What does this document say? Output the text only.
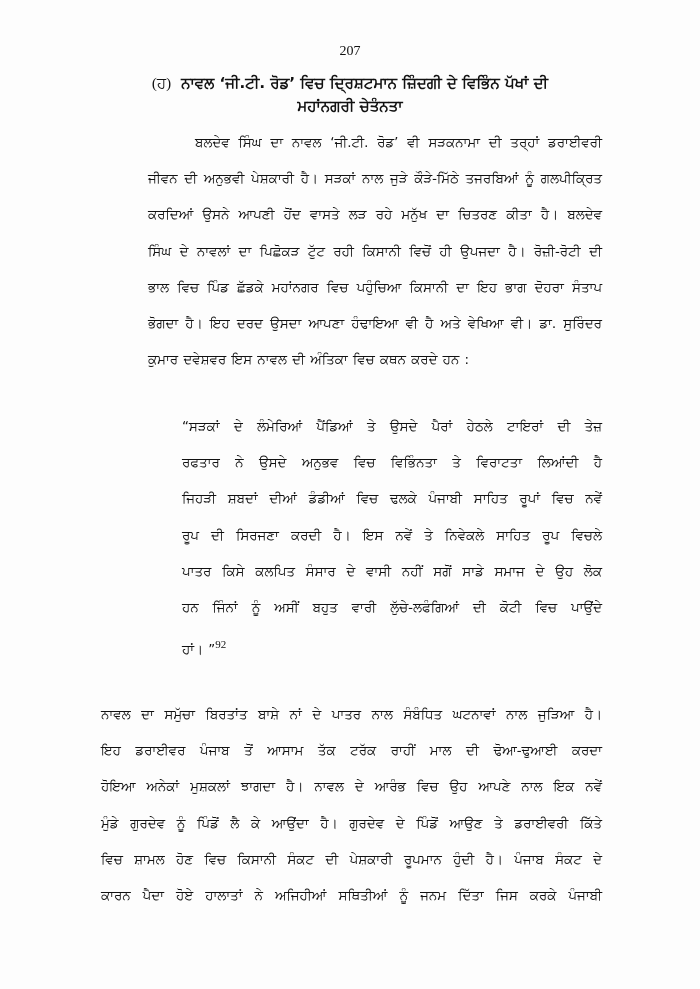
207
(ਹ) ਨਾਵਲ ‘ਜੀ.ਟੀ. ਰੋਡ’ ਵਿਚ ਦ੍ਰਿਸ਼ਟਮਾਨ ਜ਼ਿੰਦਗੀ ਦੇ ਵਿਭਿੰਨ ਪੱਖਾਂ ਦੀ
ਮਹਾਂਨਗਰੀ ਚੇਤੰਨਤਾ
ਬਲਦੇਵ ਸਿੰਘ ਦਾ ਨਾਵਲ ‘ਜੀ.ਟੀ. ਰੋਡ’ ਵੀ ਸੜਕਨਾਮਾ ਦੀ ਤਰ੍ਹਾਂ ਡਰਾਈਵਰੀ
ਜੀਵਨ ਦੀ ਅਨੁਭਵੀ ਪੇਸ਼ਕਾਰੀ ਹੈ। ਸੜਕਾਂ ਨਾਲ ਜੁੜੇ ਕੌੜੇ-ਮਿੱਠੇ ਤਜਰਬਿਆਂ ਨੂੰ ਗਲਪੀਕ੍ਰਿਤ
ਕਰਦਿਆਂ ਉਸਨੇ ਆਪਣੀ ਹੋਂਦ ਵਾਸਤੇ ਲੜ ਰਹੇ ਮਨੁੱਖ ਦਾ ਚਿਤਰਣ ਕੀਤਾ ਹੈ। ਬਲਦੇਵ
ਸਿੰਘ ਦੇ ਨਾਵਲਾਂ ਦਾ ਪਿਛੋਕੜ ਟੁੱਟ ਰਹੀ ਕਿਸਾਨੀ ਵਿਚੋਂ ਹੀ ਉਪਜਦਾ ਹੈ। ਰੋਜ਼ੀ-ਰੋਟੀ ਦੀ
ਭਾਲ ਵਿਚ ਪਿੰਡ ਛੱਡਕੇ ਮਹਾਂਨਗਰ ਵਿਚ ਪਹੁੰਚਿਆ ਕਿਸਾਨੀ ਦਾ ਇਹ ਭਾਗ ਦੋਹਰਾ ਸੰਤਾਪ
ਭੋਗਦਾ ਹੈ। ਇਹ ਦਰਦ ਉਸਦਾ ਆਪਣਾ ਹੰਢਾਇਆ ਵੀ ਹੈ ਅਤੇ ਵੇਖਿਆ ਵੀ। ਡਾ. ਸੁਰਿੰਦਰ
ਕੁਮਾਰ ਦਵੇਸ਼ਵਰ ਇਸ ਨਾਵਲ ਦੀ ਅੰਤਿਕਾ ਵਿਚ ਕਥਨ ਕਰਦੇ ਹਨ :
“ਸੜਕਾਂ ਦੇ ਲੰਮੇਰਿਆਂ ਪੈਂਡਿਆਂ ਤੇ ਉਸਦੇ ਪੈਰਾਂ ਹੇਠਲੇ ਟਾਇਰਾਂ ਦੀ ਤੇਜ਼
ਰਫਤਾਰ ਨੇ ਉਸਦੇ ਅਨੁਭਵ ਵਿਚ ਵਿਭਿੰਨਤਾ ਤੇ ਵਿਰਾਟਤਾ ਲਿਆਂਦੀ ਹੈ
ਜਿਹੜੀ ਸ਼ਬਦਾਂ ਦੀਆਂ ਡੰਡੀਆਂ ਵਿਚ ਢਲਕੇ ਪੰਜਾਬੀ ਸਾਹਿਤ ਰੂਪਾਂ ਵਿਚ ਨਵੇਂ
ਰੂਪ ਦੀ ਸਿਰਜਣਾ ਕਰਦੀ ਹੈ। ਇਸ ਨਵੇਂ ਤੇ ਨਿਵੇਕਲੇ ਸਾਹਿਤ ਰੂਪ ਵਿਚਲੇ
ਪਾਤਰ ਕਿਸੇ ਕਲਪਿਤ ਸੰਸਾਰ ਦੇ ਵਾਸੀ ਨਹੀਂ ਸਗੋਂ ਸਾਡੇ ਸਮਾਜ ਦੇ ਉਹ ਲੋਕ
ਹਨ ਜਿੰਨਾਂ ਨੂੰ ਅਸੀਂ ਬਹੁਤ ਵਾਰੀ ਲੁੱਚੇ-ਲਫੰਗਿਆਂ ਦੀ ਕੋਟੀ ਵਿਚ ਪਾਉਂਦੇ
ਹਾਂ। ”$^{92}$
ਨਾਵਲ ਦਾ ਸਮੁੱਚਾ ਬਿਰਤਾਂਤ ਬਾਸ਼ੇ ਨਾਂ ਦੇ ਪਾਤਰ ਨਾਲ ਸੰਬੰਧਿਤ ਘਟਨਾਵਾਂ ਨਾਲ ਜੁੜਿਆ ਹੈ।
ਇਹ ਡਰਾਈਵਰ ਪੰਜਾਬ ਤੋਂ ਆਸਾਮ ਤੱਕ ਟਰੱਕ ਰਾਹੀਂ ਮਾਲ ਦੀ ਢੋਆ-ਢੁਆਈ ਕਰਦਾ
ਹੋਇਆ ਅਨੇਕਾਂ ਮੁਸ਼ਕਲਾਂ ਝਾਗਦਾ ਹੈ। ਨਾਵਲ ਦੇ ਆਰੰਭ ਵਿਚ ਉਹ ਆਪਣੇ ਨਾਲ ਇਕ ਨਵੇਂ
ਮੁੰਡੇ ਗੁਰਦੇਵ ਨੂੰ ਪਿੰਡੋਂ ਲੈ ਕੇ ਆਉਂਦਾ ਹੈ। ਗੁਰਦੇਵ ਦੇ ਪਿੰਡੋਂ ਆਉਣ ਤੇ ਡਰਾਈਵਰੀ ਕਿੱਤੇ
ਵਿਚ ਸ਼ਾਮਲ ਹੋਣ ਵਿਚ ਕਿਸਾਨੀ ਸੰਕਟ ਦੀ ਪੇਸ਼ਕਾਰੀ ਰੂਪਮਾਨ ਹੁੰਦੀ ਹੈ। ਪੰਜਾਬ ਸੰਕਟ ਦੇ
ਕਾਰਨ ਪੈਦਾ ਹੋਏ ਹਾਲਾਤਾਂ ਨੇ ਅਜਿਹੀਆਂ ਸਥਿਤੀਆਂ ਨੂੰ ਜਨਮ ਦਿੱਤਾ ਜਿਸ ਕਰਕੇ ਪੰਜਾਬੀ
